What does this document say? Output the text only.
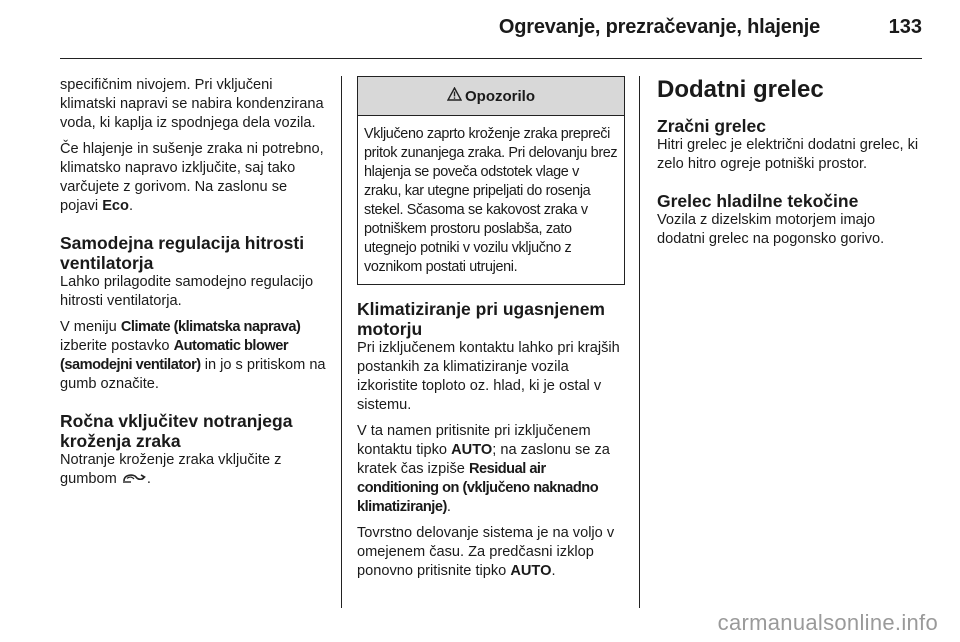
Ogrevanje, prezračevanje, hlajenje	133

specifičnim nivojem. Pri vključeni klimatski napravi se nabira kondenzirana voda, ki kaplja iz spodnjega dela vozila.

Če hlajenje in sušenje zraka ni potrebno, klimatsko napravo izključite, saj tako varčujete z gorivom. Na zaslonu se pojavi Eco.

Samodejna regulacija hitrosti ventilatorja

Lahko prilagodite samodejno regulacijo hitrosti ventilatorja.

V meniju Climate (klimatska naprava) izberite postavko Automatic blower (samodejni ventilator) in jo s pritiskom na gumb označite.

Ročna vključitev notranjega kroženja zraka

Notranje kroženje zraka vključite z gumbom .

Opozorilo
Vključeno zaprto kroženje zraka prepreči pritok zunanjega zraka. Pri delovanju brez hlajenja se poveča odstotek vlage v zraku, kar utegne pripeljati do rosenja stekel. Sčasoma se kakovost zraka v potniškem prostoru poslabša, zato utegnejo potniki v vozilu vključno z voznikom postati utrujeni.
Klimatiziranje pri ugasnjenem motorju

Pri izključenem kontaktu lahko pri krajših postankih za klimatiziranje vozila izkoristite toploto oz. hlad, ki je ostal v sistemu.

V ta namen pritisnite pri izključenem kontaktu tipko AUTO; na zaslonu se za kratek čas izpiše Residual air conditioning on (vključeno naknadno klimatiziranje).

Tovrstno delovanje sistema je na voljo v omejenem času. Za predčasni izklop ponovno pritisnite tipko AUTO.

Dodatni grelec
Zračni grelec

Hitri grelec je električni dodatni grelec, ki zelo hitro ogreje potniški prostor.

Grelec hladilne tekočine

Vozila z dizelskim motorjem imajo dodatni grelec na pogonsko gorivo.

carmanualsonline.info
